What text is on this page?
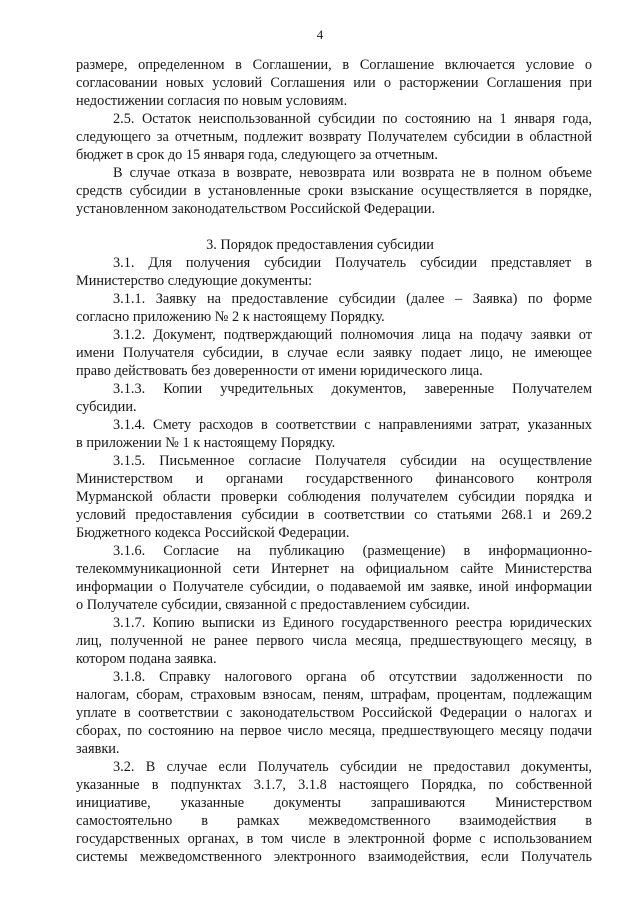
4
размере, определенном в Соглашении, в Соглашение включается условие о
согласовании новых условий Соглашения или о расторжении Соглашения при
недостижении согласия по новым условиям.
2.5. Остаток неиспользованной субсидии по состоянию на 1 января года,
следующего за отчетным, подлежит возврату Получателем субсидии в областной
бюджет в срок до 15 января года, следующего за отчетным.
В случае отказа в возврате, невозврата или возврата не в полном объеме
средств субсидии в установленные сроки взыскание осуществляется в порядке,
установленном законодательством Российской Федерации.
3. Порядок предоставления субсидии
3.1. Для получения субсидии Получатель субсидии представляет в
Министерство следующие документы:
3.1.1. Заявку на предоставление субсидии (далее – Заявка) по форме
согласно приложению № 2 к настоящему Порядку.
3.1.2. Документ, подтверждающий полномочия лица на подачу заявки от
имени Получателя субсидии, в случае если заявку подает лицо, не имеющее
право действовать без доверенности от имени юридического лица.
3.1.3. Копии учредительных документов, заверенные Получателем
субсидии.
3.1.4. Смету расходов в соответствии с направлениями затрат, указанных
в приложении № 1 к настоящему Порядку.
3.1.5. Письменное согласие Получателя субсидии на осуществление
Министерством и органами государственного финансового контроля
Мурманской области проверки соблюдения получателем субсидии порядка и
условий предоставления субсидии в соответствии со статьями 268.1 и 269.2
Бюджетного кодекса Российской Федерации.
3.1.6. Согласие на публикацию (размещение) в информационно-
телекоммуникационной сети Интернет на официальном сайте Министерства
информации о Получателе субсидии, о подаваемой им заявке, иной информации
о Получателе субсидии, связанной с предоставлением субсидии.
3.1.7. Копию выписки из Единого государственного реестра юридических
лиц, полученной не ранее первого числа месяца, предшествующего месяцу, в
котором подана заявка.
3.1.8. Справку налогового органа об отсутствии задолженности по
налогам, сборам, страховым взносам, пеням, штрафам, процентам, подлежащим
уплате в соответствии с законодательством Российской Федерации о налогах и
сборах, по состоянию на первое число месяца, предшествующего месяцу подачи
заявки.
3.2. В случае если Получатель субсидии не предоставил документы,
указанные в подпунктах 3.1.7, 3.1.8 настоящего Порядка, по собственной
инициативе, указанные документы запрашиваются Министерством
самостоятельно в рамках межведомственного взаимодействия в
государственных органах, в том числе в электронной форме с использованием
системы межведомственного электронного взаимодействия, если Получатель
